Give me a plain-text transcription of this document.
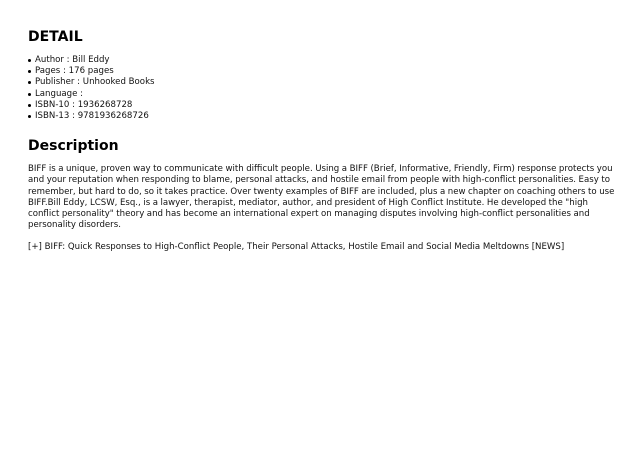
DETAIL
Author : Bill Eddy
Pages : 176 pages
Publisher : Unhooked Books
Language :
ISBN-10 : 1936268728
ISBN-13 : 9781936268726
Description

BIFF is a unique, proven way to communicate with difficult people. Using a BIFF (Brief, Informative, Friendly, Firm) response protects you and your reputation when responding to blame, personal attacks, and hostile email from people with high-conflict personalities. Easy to remember, but hard to do, so it takes practice. Over twenty examples of BIFF are included, plus a new chapter on coaching others to use BIFF.Bill Eddy, LCSW, Esq., is a lawyer, therapist, mediator, author, and president of High Conflict Institute. He developed the "high conflict personality" theory and has become an international expert on managing disputes involving high-conflict personalities and personality disorders.

[+] BIFF: Quick Responses to High-Conflict People, Their Personal Attacks, Hostile Email and Social Media Meltdowns [NEWS]
